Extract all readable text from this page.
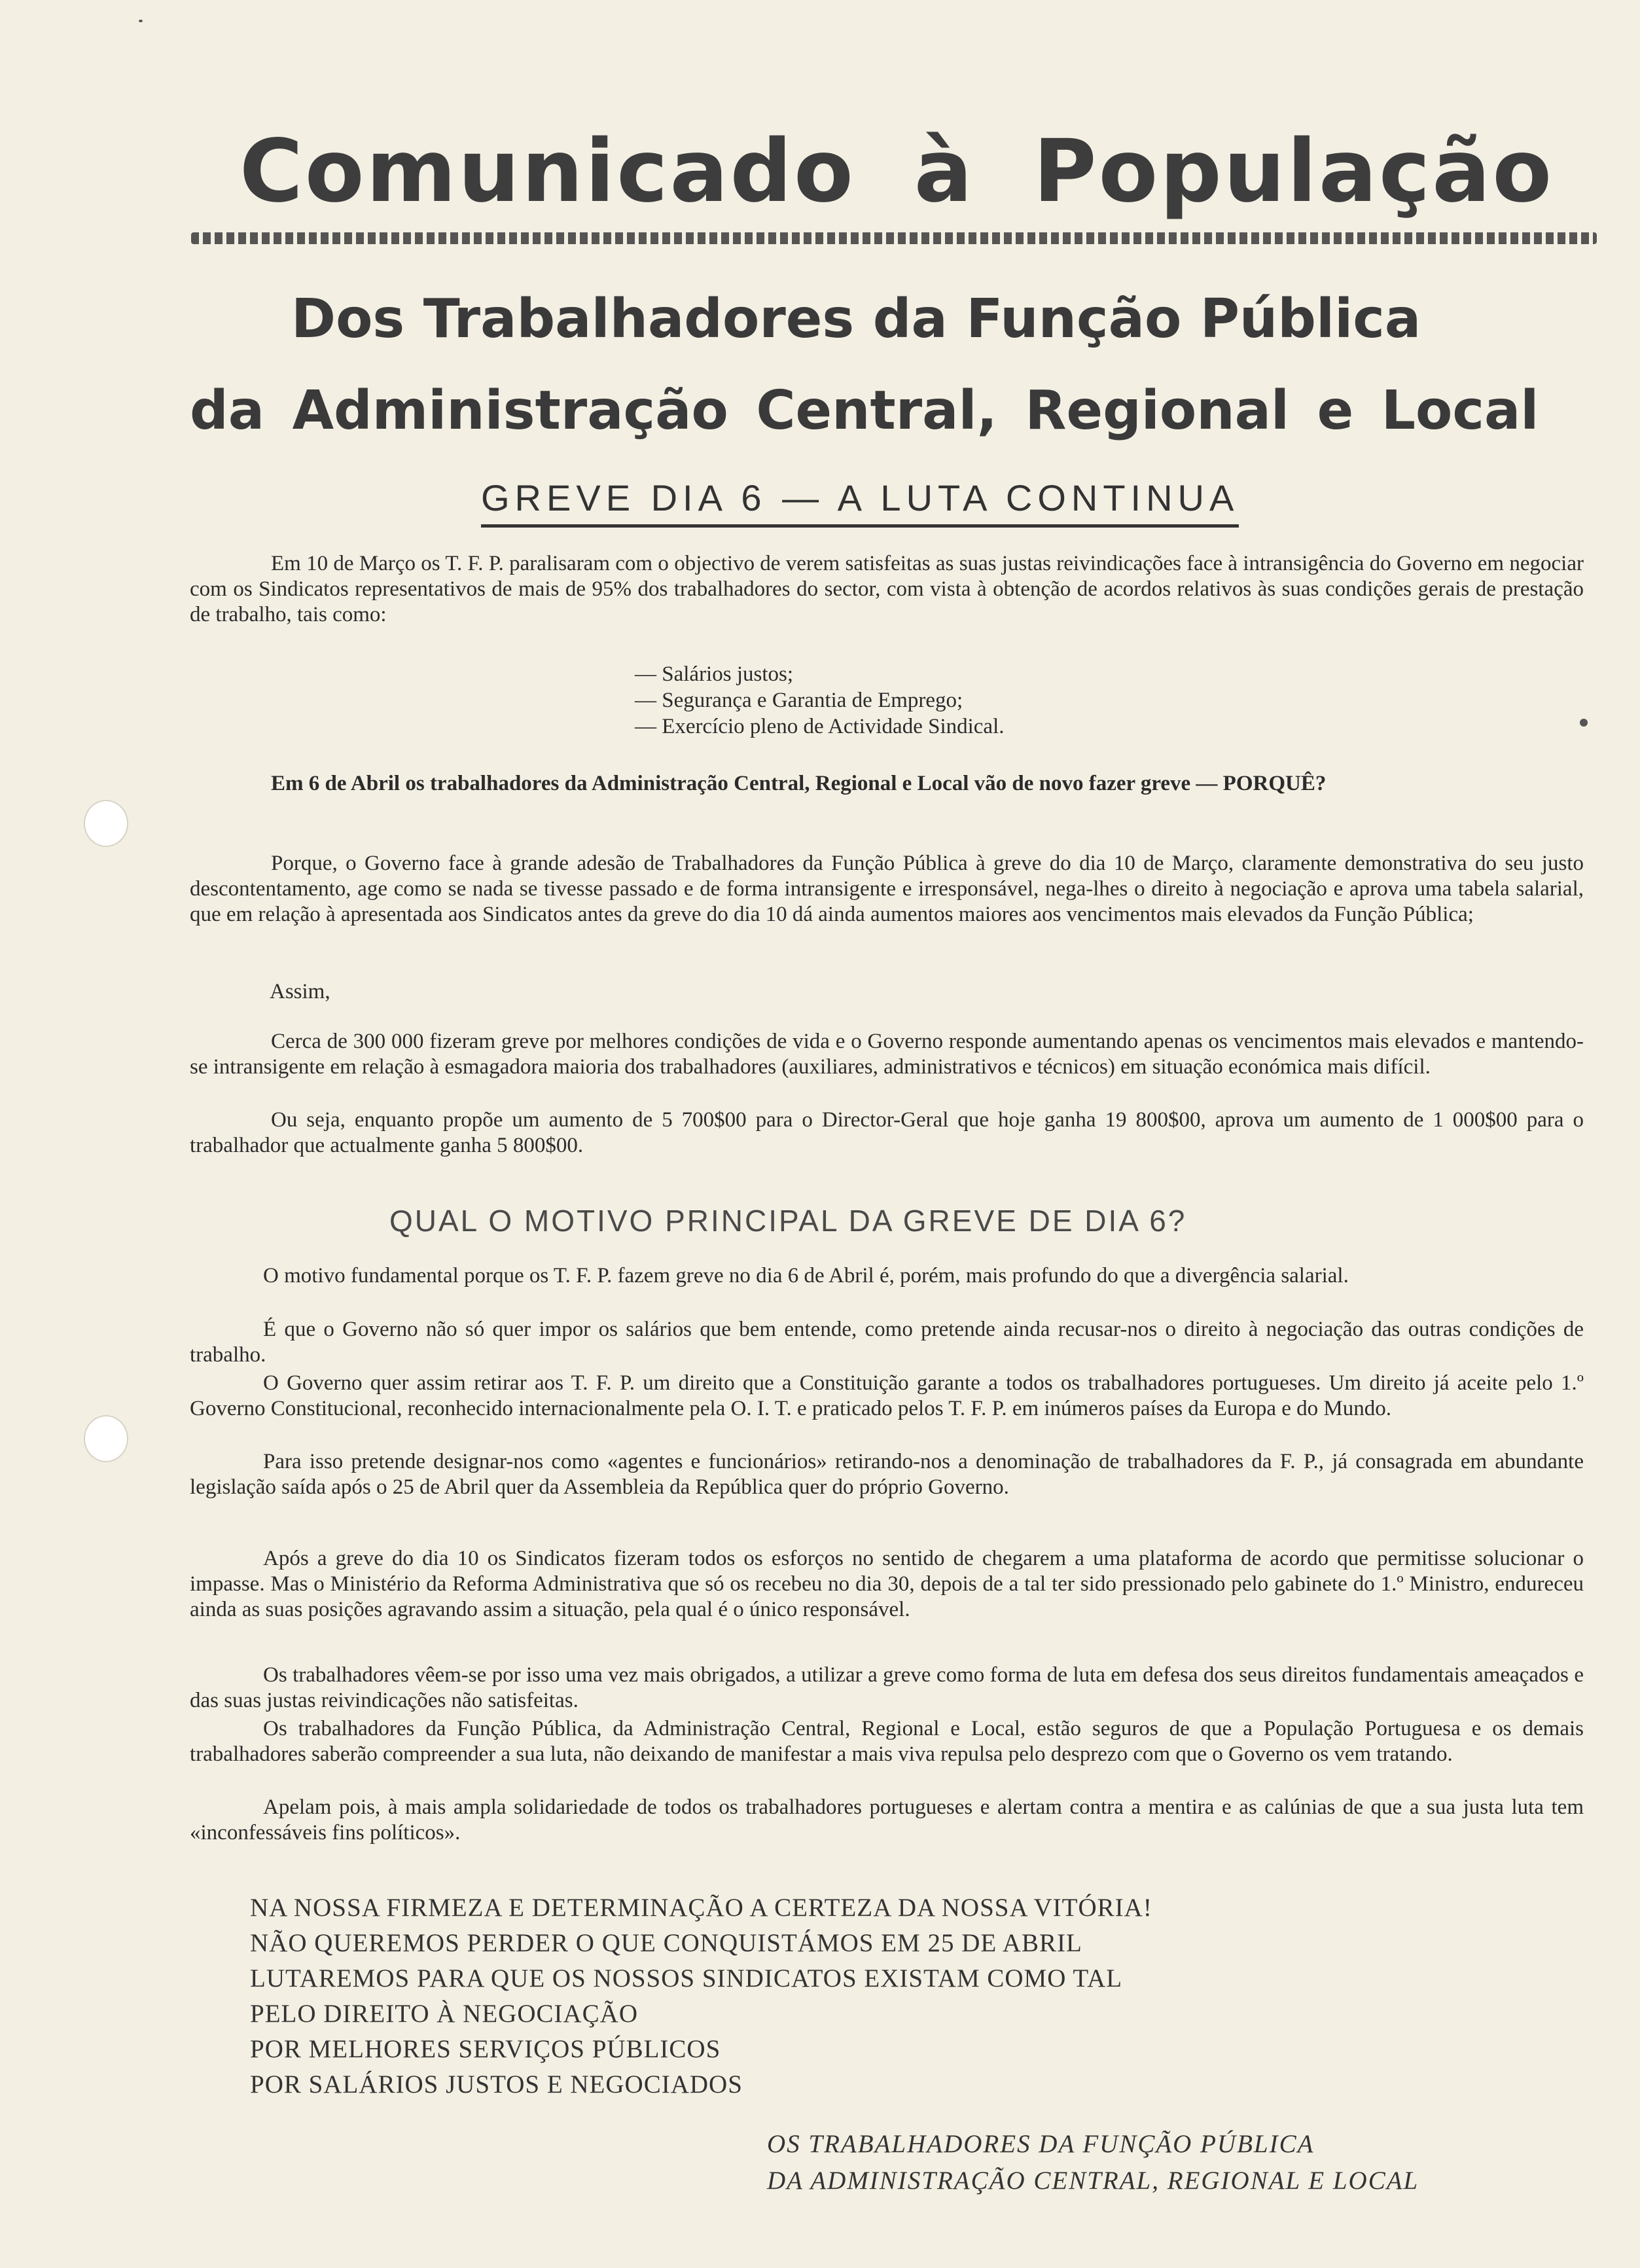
Comunicado à População
Dos Trabalhadores da Função Pública
da Administração Central, Regional e Local
GREVE DIA 6 — A LUTA CONTINUA
Em 10 de Março os T. F. P. paralisaram com o objectivo de verem satisfeitas as suas justas reivindicações face à intransigência do Governo em negociar com os Sindicatos representativos de mais de 95% dos trabalhadores do sector, com vista à obtenção de acordos relativos às suas condições gerais de prestação de trabalho, tais como:
— Salários justos;
— Segurança e Garantia de Emprego;
— Exercício pleno de Actividade Sindical.
Em 6 de Abril os trabalhadores da Administração Central, Regional e Local vão de novo fazer greve — PORQUÊ?
Porque, o Governo face à grande adesão de Trabalhadores da Função Pública à greve do dia 10 de Março, claramente demonstrativa do seu justo descontentamento, age como se nada se tivesse passado e de forma intransigente e irresponsável, nega-lhes o direito à negociação e aprova uma tabela salarial, que em relação à apresentada aos Sindicatos antes da greve do dia 10 dá ainda aumentos maiores aos vencimentos mais elevados da Função Pública;
Assim,
Cerca de 300 000 fizeram greve por melhores condições de vida e o Governo responde aumentando apenas os vencimentos mais elevados e mantendo-se intransigente em relação à esmagadora maioria dos trabalhadores (auxiliares, administrativos e técnicos) em situação económica mais difícil.
Ou seja, enquanto propõe um aumento de 5 700$00 para o Director-Geral que hoje ganha 19 800$00, aprova um aumento de 1 000$00 para o trabalhador que actualmente ganha 5 800$00.
QUAL O MOTIVO PRINCIPAL DA GREVE DE DIA 6?
O motivo fundamental porque os T. F. P. fazem greve no dia 6 de Abril é, porém, mais profundo do que a divergência salarial.
É que o Governo não só quer impor os salários que bem entende, como pretende ainda recusar-nos o direito à negociação das outras condições de trabalho.
O Governo quer assim retirar aos T. F. P. um direito que a Constituição garante a todos os trabalhadores portugueses. Um direito já aceite pelo 1.º Governo Constitucional, reconhecido internacionalmente pela O. I. T. e praticado pelos T. F. P. em inúmeros países da Europa e do Mundo.
Para isso pretende designar-nos como «agentes e funcionários» retirando-nos a denominação de trabalhadores da F. P., já consagrada em abundante legislação saída após o 25 de Abril quer da Assembleia da República quer do próprio Governo.
Após a greve do dia 10 os Sindicatos fizeram todos os esforços no sentido de chegarem a uma plataforma de acordo que permitisse solucionar o impasse. Mas o Ministério da Reforma Administrativa que só os recebeu no dia 30, depois de a tal ter sido pressionado pelo gabinete do 1.º Ministro, endureceu ainda as suas posições agravando assim a situação, pela qual é o único responsável.
Os trabalhadores vêem-se por isso uma vez mais obrigados, a utilizar a greve como forma de luta em defesa dos seus direitos fundamentais ameaçados e das suas justas reivindicações não satisfeitas.
Os trabalhadores da Função Pública, da Administração Central, Regional e Local, estão seguros de que a População Portuguesa e os demais trabalhadores saberão compreender a sua luta, não deixando de manifestar a mais viva repulsa pelo desprezo com que o Governo os vem tratando.
Apelam pois, à mais ampla solidariedade de todos os trabalhadores portugueses e alertam contra a mentira e as calúnias de que a sua justa luta tem «inconfessáveis fins políticos».
NA NOSSA FIRMEZA E DETERMINAÇÃO A CERTEZA DA NOSSA VITÓRIA!
NÃO QUEREMOS PERDER O QUE CONQUISTÁMOS EM 25 DE ABRIL
LUTAREMOS PARA QUE OS NOSSOS SINDICATOS EXISTAM COMO TAL
PELO DIREITO À NEGOCIAÇÃO
POR MELHORES SERVIÇOS PÚBLICOS
POR SALÁRIOS JUSTOS E NEGOCIADOS
OS TRABALHADORES DA FUNÇÃO PÚBLICA
DA ADMINISTRAÇÃO CENTRAL, REGIONAL E LOCAL
